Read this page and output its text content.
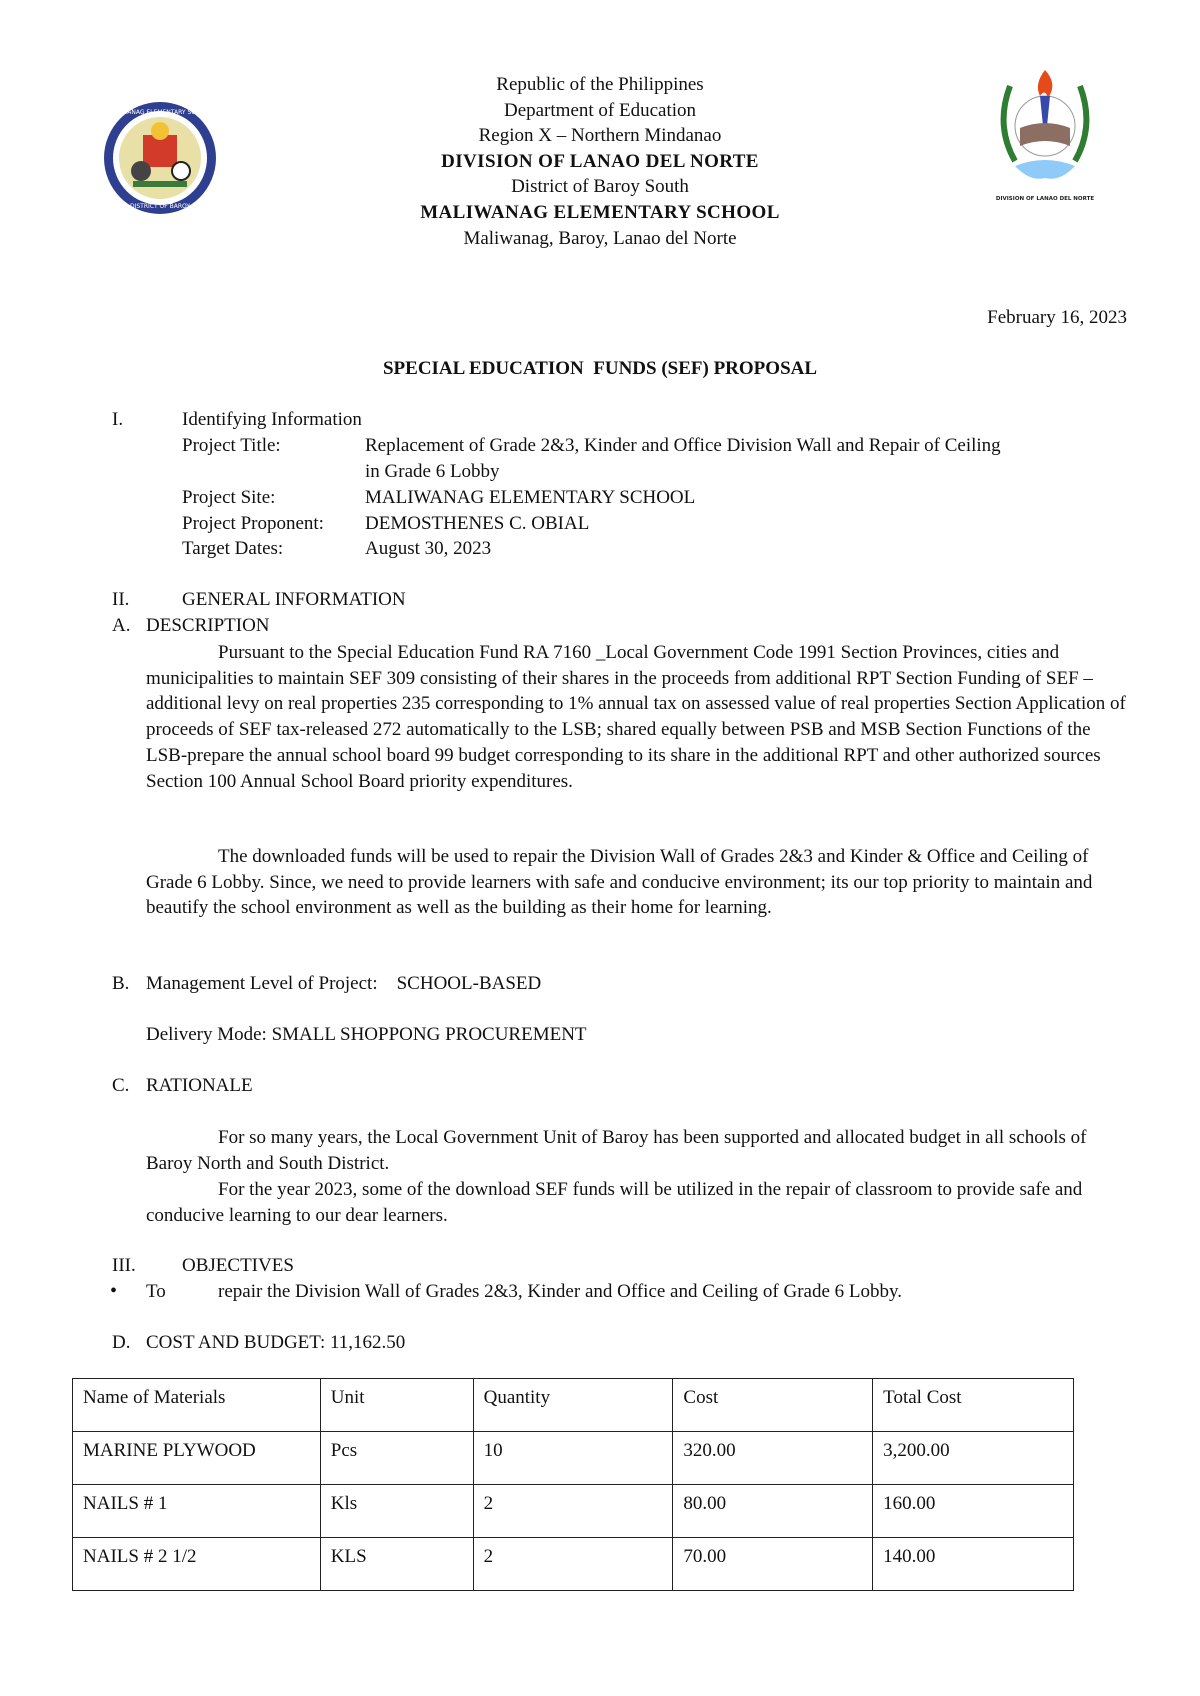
MALIWANAG ELEMENTARY SCHOOL
DISTRICT OF BAROY
DIVISION OF LANAO DEL NORTE
Republic of the Philippines
Department of Education
Region X – Northern Mindanao
DIVISION OF LANAO DEL NORTE
District of Baroy South
MALIWANAG ELEMENTARY SCHOOL
Maliwanag, Baroy, Lanao del Norte
February 16, 2023
SPECIAL EDUCATION  FUNDS (SEF) PROPOSAL
I.	Identifying Information
Project Title:	Replacement of Grade 2&3, Kinder and Office Division Wall and Repair of Ceiling
in Grade 6 Lobby
Project Site:	MALIWANAG ELEMENTARY SCHOOL
Project Proponent: DEMOSTHENES C. OBIAL
Target Dates:	August 30, 2023
II.	GENERAL INFORMATION
A. DESCRIPTION
Pursuant to the Special Education Fund RA 7160 _Local Government Code 1991 Section Provinces, cities and municipalities to maintain SEF 309 consisting of their shares in the proceeds from additional RPT Section Funding of SEF – additional levy on real properties 235 corresponding to 1% annual tax on assessed value of real properties Section Application of proceeds of SEF tax-released 272 automatically to the LSB; shared equally between PSB and MSB Section Functions of the LSB-prepare the annual school board 99 budget corresponding to its share in the additional RPT and other authorized sources Section 100 Annual School Board priority expenditures.
The downloaded funds will be used to repair the Division Wall of Grades 2&3 and Kinder & Office and Ceiling of Grade 6 Lobby. Since, we need to provide learners with safe and conducive environment; its our top priority to maintain and beautify the school environment as well as the building as their home for learning.
B. Management Level of Project:    SCHOOL-BASED
Delivery Mode: SMALL SHOPPONG PROCUREMENT
C. RATIONALE
For so many years, the Local Government Unit of Baroy has been supported and allocated budget in all schools of Baroy North and South District.
For the year 2023, some of the download SEF funds will be utilized in the repair of classroom to provide safe and conducive learning to our dear learners.
III. OBJECTIVES
• To	repair the Division Wall of Grades 2&3, Kinder and Office and Ceiling of Grade 6 Lobby.
D. COST AND BUDGET: 11,162.50
Name of Materials	Unit	Quantity	Cost	Total Cost
MARINE PLYWOOD	Pcs	10	320.00	3,200.00
NAILS # 1	Kls	2	80.00	160.00
NAILS # 2 1/2	KLS	2	70.00	140.00
